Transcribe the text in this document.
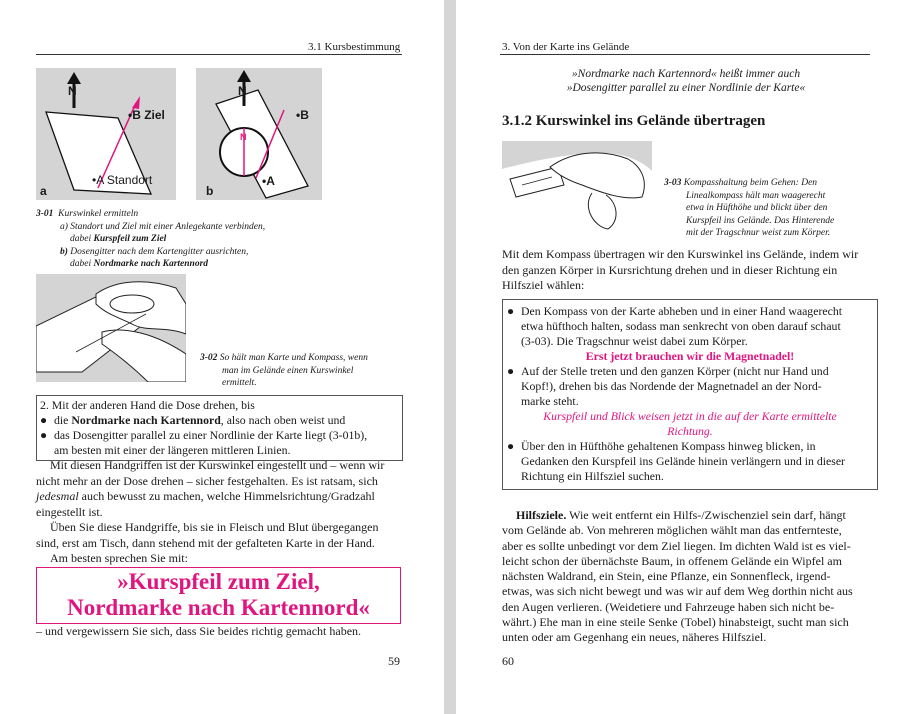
3.1 Kursbestimmung
N
•B Ziel
•A Standort
a
N
N
•B
•A
b
3-01 Kurswinkel ermitteln
a) Standort und Ziel mit einer Anlegekante verbinden,
dabei Kurspfeil zum Ziel
b) Dosengitter nach dem Kartengitter ausrichten,
dabei Nordmarke nach Kartennord
3-02 So hält man Karte und Kompass, wenn
man im Gelände einen Kurswinkel
ermittelt.
2. Mit der anderen Hand die Dose drehen, bis
● die Nordmarke nach Kartennord, also nach oben weist und
● das Dosengitter parallel zu einer Nordlinie der Karte liegt (3-01b),
am besten mit einer der längeren mittleren Linien.
Mit diesen Handgriffen ist der Kurswinkel eingestellt und – wenn wir
nicht mehr an der Dose drehen – sicher festgehalten. Es ist ratsam, sich
jedesmal auch bewusst zu machen, welche Himmelsrichtung/Gradzahl
eingestellt ist.
Üben Sie diese Handgriffe, bis sie in Fleisch und Blut übergegangen
sind, erst am Tisch, dann stehend mit der gefalteten Karte in der Hand.
Am besten sprechen Sie mit:
»Kurspfeil zum Ziel,
Nordmarke nach Kartennord«
– und vergewissern Sie sich, dass Sie beides richtig gemacht haben.
59
3. Von der Karte ins Gelände
»Nordmarke nach Kartennord« heißt immer auch
»Dosengitter parallel zu einer Nordlinie der Karte«
3.1.2 Kurswinkel ins Gelände übertragen
3-03 Kompasshaltung beim Gehen: Den
Linealkompass hält man waagerecht
etwa in Hüfthöhe und blickt über den
Kurspfeil ins Gelände. Das Hinterende
mit der Tragschnur weist zum Körper.
Mit dem Kompass übertragen wir den Kurswinkel ins Gelände, indem wir
den ganzen Körper in Kursrichtung drehen und in dieser Richtung ein
Hilfsziel wählen:
● Den Kompass von der Karte abheben und in einer Hand waagerecht
etwa hüfthoch halten, sodass man senkrecht von oben darauf schaut
(3-03). Die Tragschnur weist dabei zum Körper.
Erst jetzt brauchen wir die Magnetnadel!
● Auf der Stelle treten und den ganzen Körper (nicht nur Hand und
Kopf!), drehen bis das Nordende der Magnetnadel an der Nord-
marke steht.
Kurspfeil und Blick weisen jetzt in die auf der Karte ermittelte
Richtung.
● Über den in Hüfthöhe gehaltenen Kompass hinweg blicken, in
Gedanken den Kurspfeil ins Gelände hinein verlängern und in dieser
Richtung ein Hilfsziel suchen.
Hilfsziele. Wie weit entfernt ein Hilfs-/Zwischenziel sein darf, hängt
vom Gelände ab. Von mehreren möglichen wählt man das entfernteste,
aber es sollte unbedingt vor dem Ziel liegen. Im dichten Wald ist es viel-
leicht schon der übernächste Baum, in offenem Gelände ein Wipfel am
nächsten Waldrand, ein Stein, eine Pflanze, ein Sonnenfleck, irgend-
etwas, was sich nicht bewegt und was wir auf dem Weg dorthin nicht aus
den Augen verlieren. (Weidetiere und Fahrzeuge haben sich nicht be-
währt.) Ehe man in eine steile Senke (Tobel) hinabsteigt, sucht man sich
unten oder am Gegenhang ein neues, näheres Hilfsziel.
60
